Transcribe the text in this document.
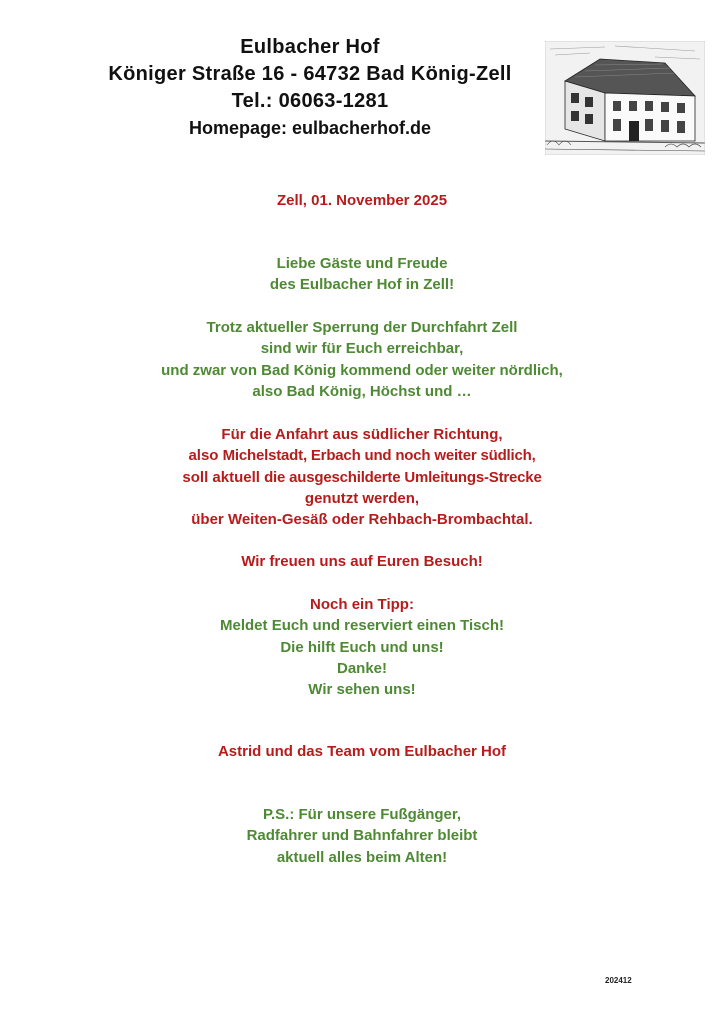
Eulbacher Hof
Königer Straße 16 - 64732 Bad König-Zell
Tel.: 06063-1281
Homepage: eulbacherhof.de
Zell, 01. November 2025
Liebe Gäste und Freude
des Eulbacher Hof in Zell!
Trotz aktueller Sperrung der Durchfahrt Zell
sind wir für Euch erreichbar,
und zwar von Bad König kommend oder weiter nördlich,
also Bad König, Höchst und …
Für die Anfahrt aus südlicher Richtung,
also Michelstadt, Erbach und noch weiter südlich,
soll aktuell die ausgeschilderte Umleitungs-Strecke
genutzt werden,
über Weiten-Gesäß oder Rehbach-Brombachtal.
Wir freuen uns auf Euren Besuch!
Noch ein Tipp:
Meldet Euch und reserviert einen Tisch!
Die hilft Euch und uns!
Danke!
Wir sehen uns!
Astrid und das Team vom Eulbacher Hof
P.S.: Für unsere Fußgänger,
Radfahrer und Bahnfahrer bleibt
aktuell alles beim Alten!
202412
